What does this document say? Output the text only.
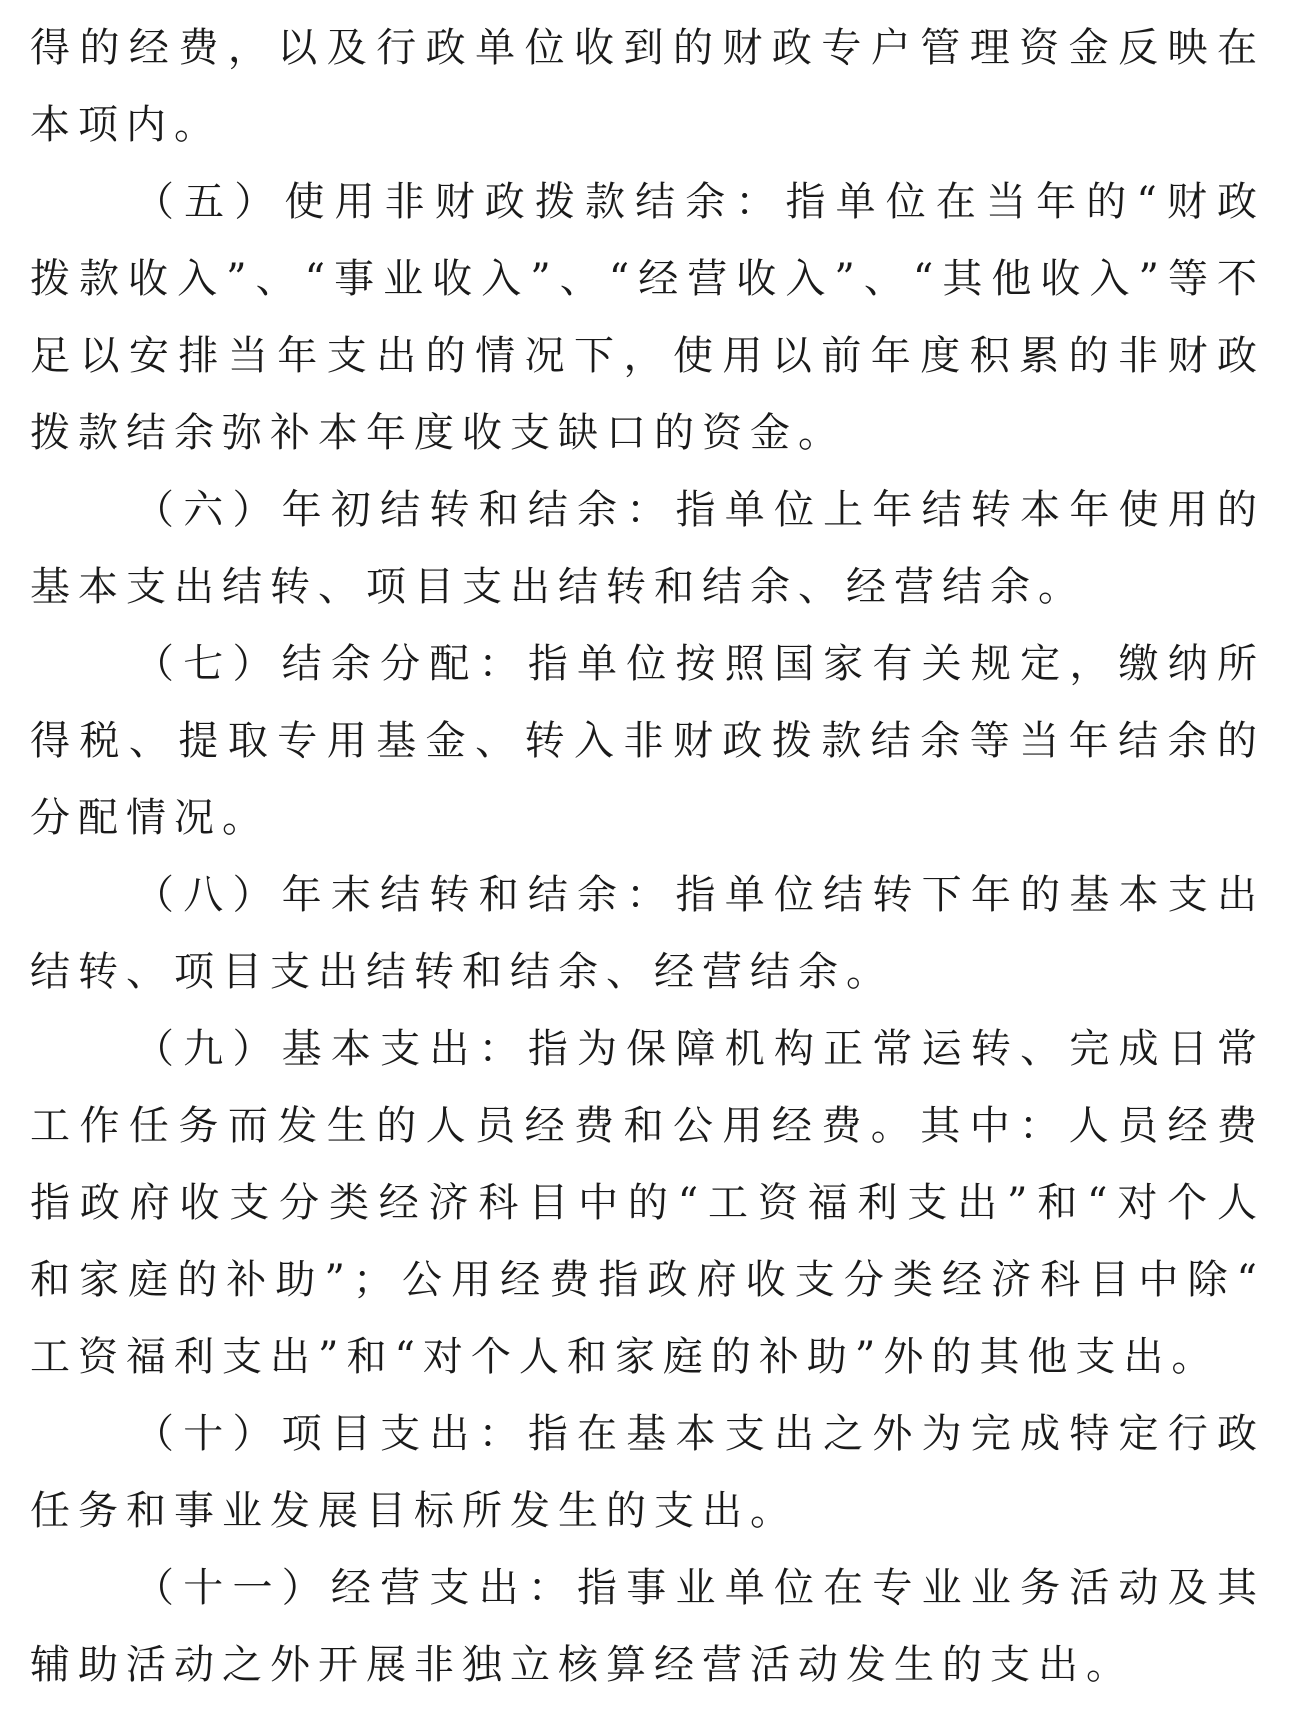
得的经费，以及行政单位收到的财政专户管理资金反映在本项内。

（五）使用非财政拨款结余：指单位在当年的“财政拨款收入”、“事业收入”、“经营收入”、“其他收入”等不足以安排当年支出的情况下，使用以前年度积累的非财政拨款结余弥补本年度收支缺口的资金。

（六）年初结转和结余：指单位上年结转本年使用的基本支出结转、项目支出结转和结余、经营结余。

（七）结余分配：指单位按照国家有关规定，缴纳所得税、提取专用基金、转入非财政拨款结余等当年结余的分配情况。

（八）年末结转和结余：指单位结转下年的基本支出结转、项目支出结转和结余、经营结余。

（九）基本支出：指为保障机构正常运转、完成日常工作任务而发生的人员经费和公用经费。其中：人员经费指政府收支分类经济科目中的“工资福利支出”和“对个人和家庭的补助”；公用经费指政府收支分类经济科目中除“工资福利支出”和“对个人和家庭的补助”外的其他支出。

（十）项目支出：指在基本支出之外为完成特定行政任务和事业发展目标所发生的支出。

（十一）经营支出：指事业单位在专业业务活动及其辅助活动之外开展非独立核算经营活动发生的支出。
